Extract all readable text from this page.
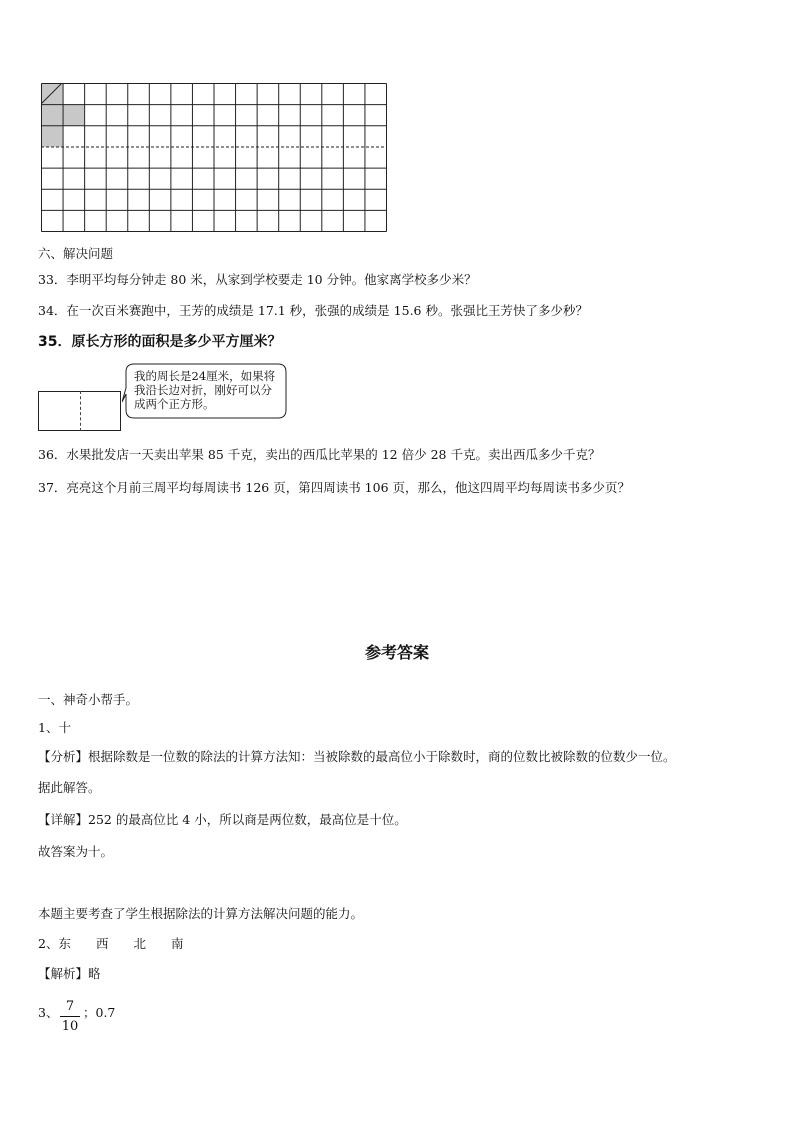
六、解决问题
33．李明平均每分钟走 80 米，从家到学校要走 10 分钟。他家离学校多少米？
34．在一次百米赛跑中，王芳的成绩是 17.1 秒，张强的成绩是 15.6 秒。张强比王芳快了多少秒？
35．原长方形的面积是多少平方厘米？
我的周长是24厘米，如果将我沿长边对折，刚好可以分成两个正方形。
36．水果批发店一天卖出苹果 85 千克，卖出的西瓜比苹果的 12 倍少 28 千克。卖出西瓜多少千克？
37．亮亮这个月前三周平均每周读书 126 页，第四周读书 106 页，那么，他这四周平均每周读书多少页？
参考答案
一、神奇小帮手。
1、十
【分析】根据除数是一位数的除法的计算方法知：当被除数的最高位小于除数时，商的位数比被除数的位数少一位。
据此解答。
【详解】252 的最高位比 4 小，所以商是两位数，最高位是十位。
故答案为十。
本题主要考查了学生根据除法的计算方法解决问题的能力。
2、东　　西　　北　　南
【解析】略
3、 7
10
；0.7
